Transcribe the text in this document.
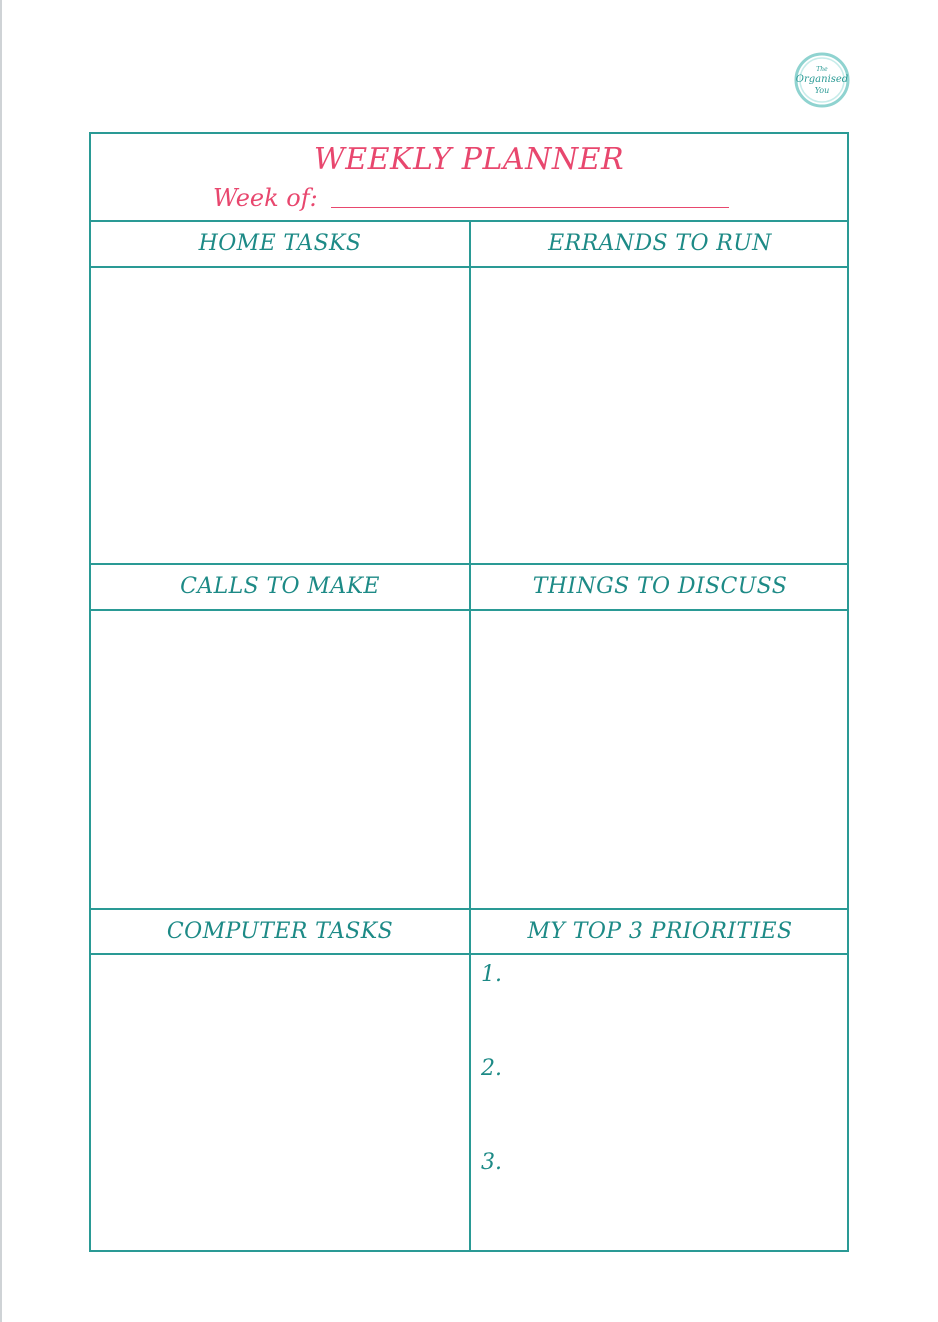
The
Organised
You
WEEKLY PLANNER
Week of:
HOME TASKS	ERRANDS TO RUN
CALLS TO MAKE	THINGS TO DISCUSS
COMPUTER TASKS	MY TOP 3 PRIORITIES
1.
2.
3.
